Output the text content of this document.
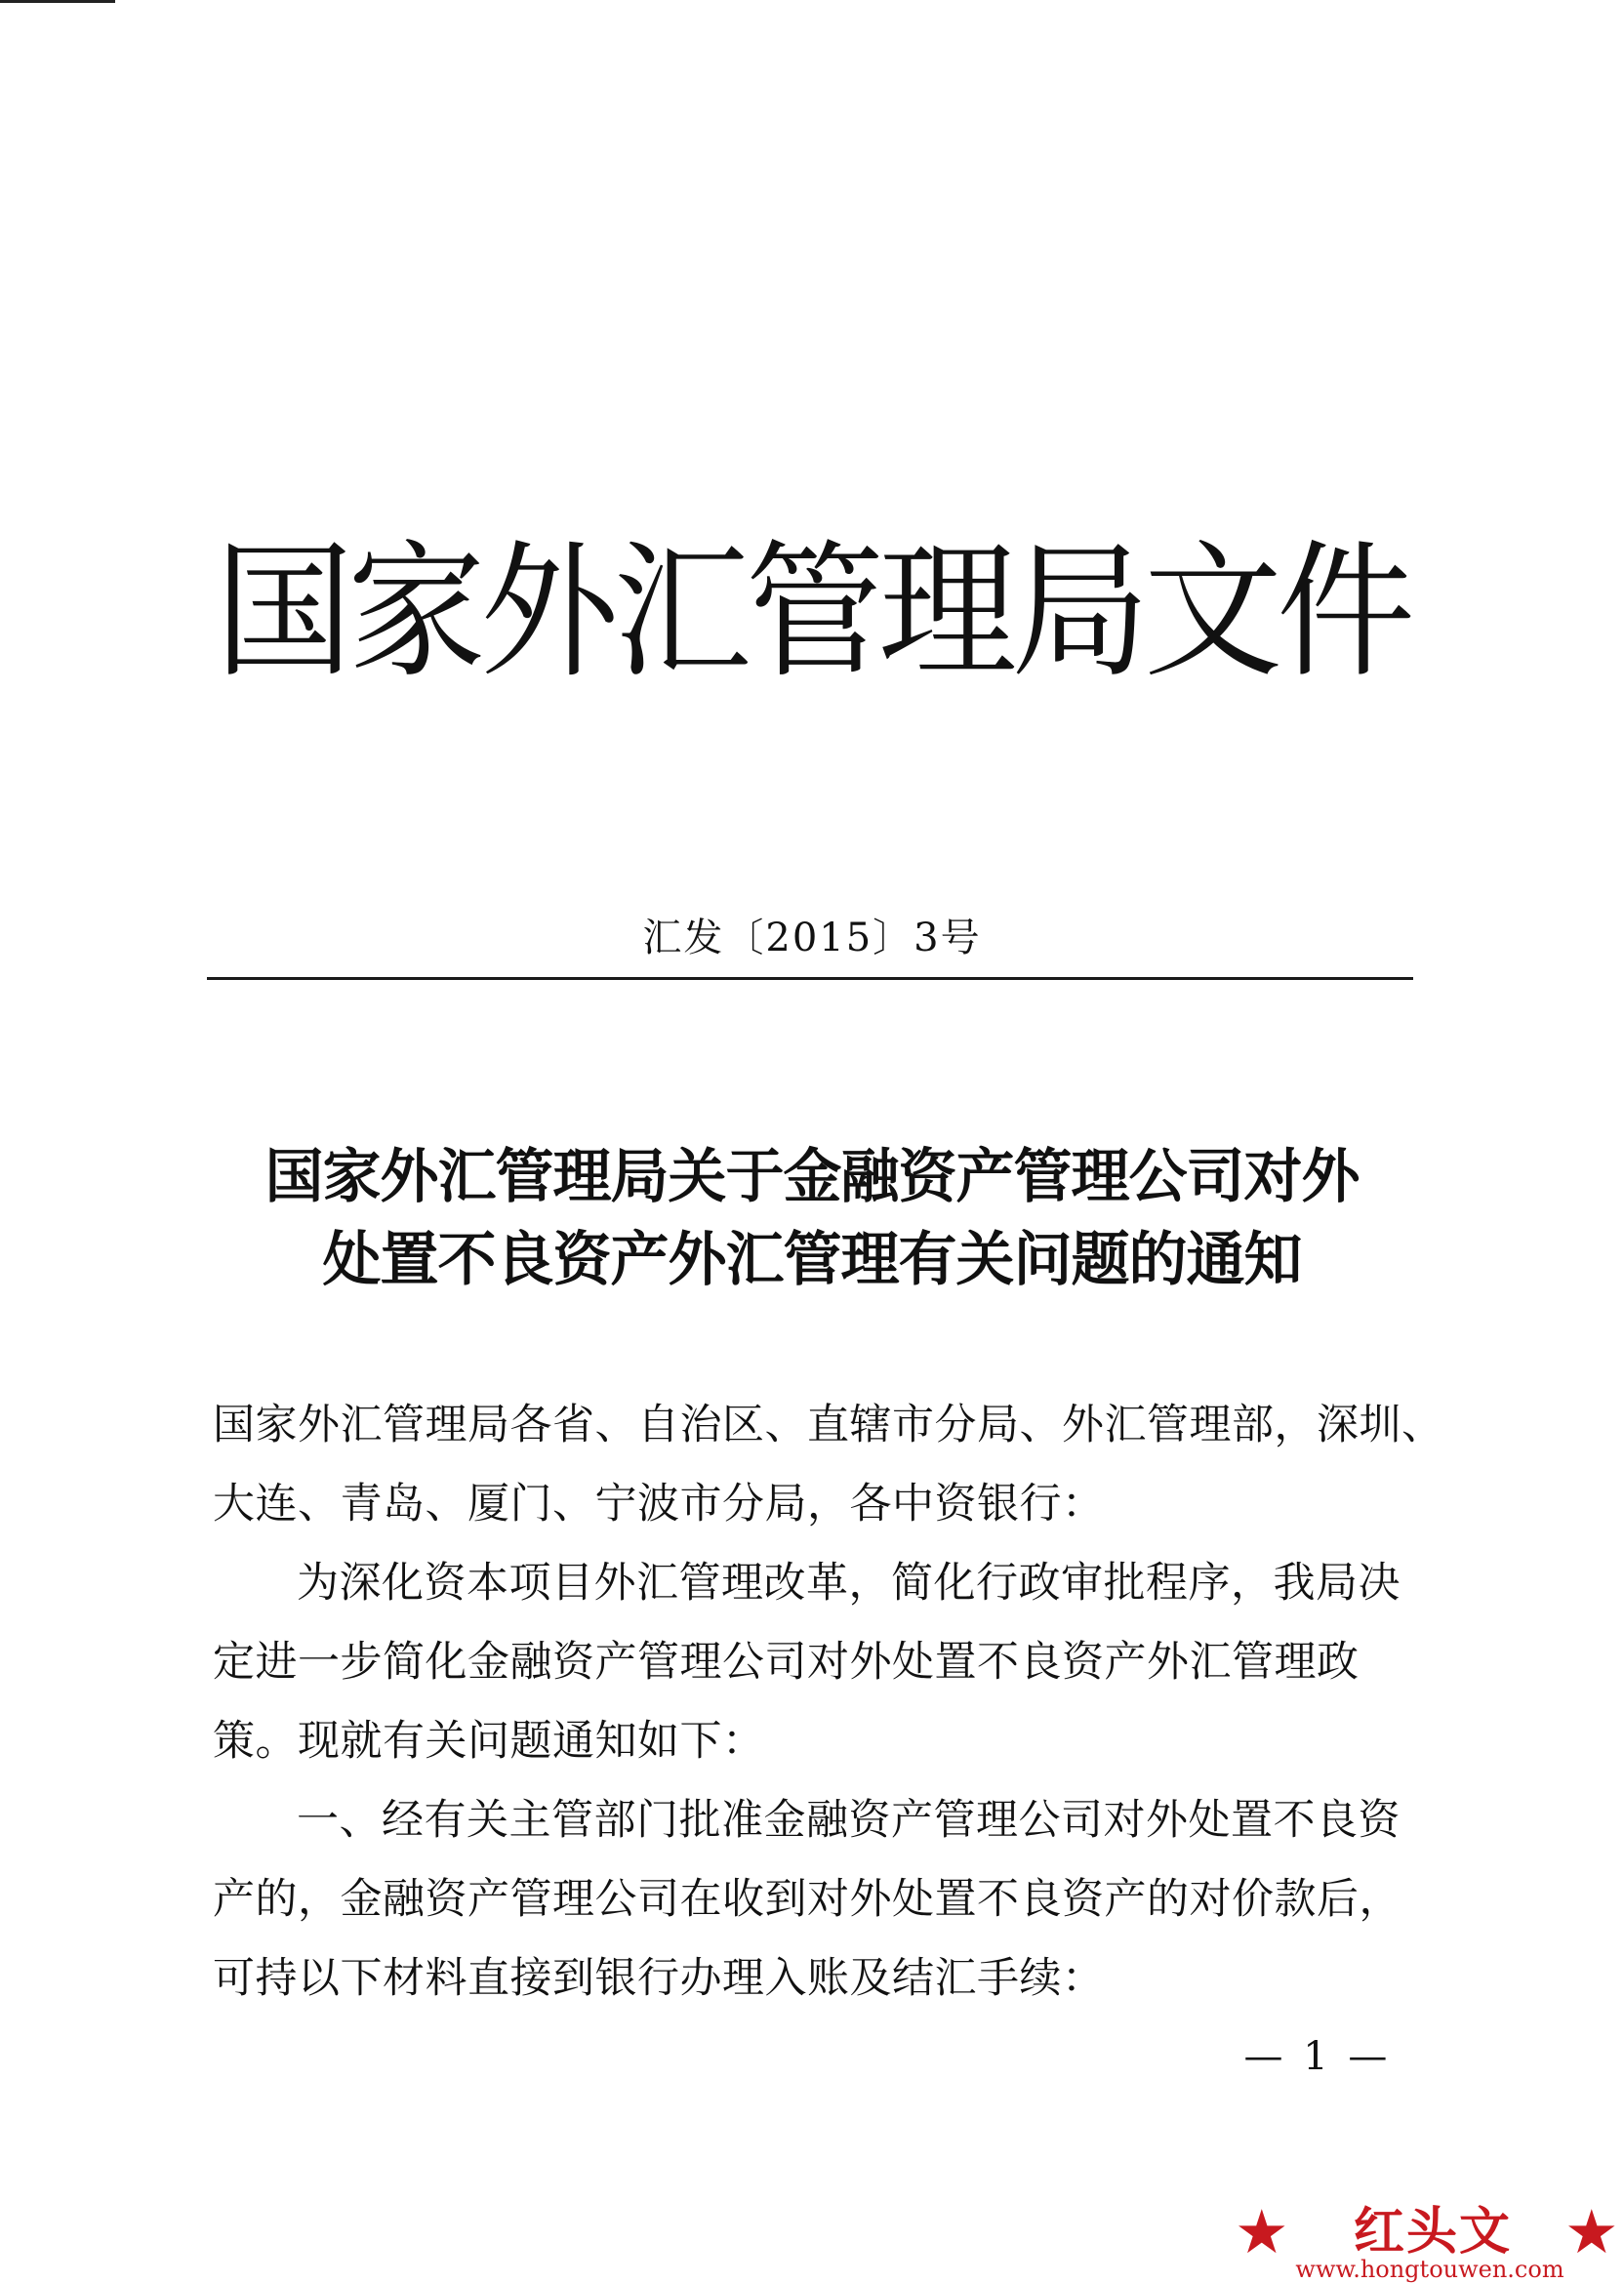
国家外汇管理局文件
汇发〔2015〕3号
国家外汇管理局关于金融资产管理公司对外
处置不良资产外汇管理有关问题的通知
国家外汇管理局各省、自治区、直辖市分局、外汇管理部，深圳、
大连、青岛、厦门、宁波市分局，各中资银行：
为深化资本项目外汇管理改革，简化行政审批程序，我局决
定进一步简化金融资产管理公司对外处置不良资产外汇管理政
策。现就有关问题通知如下：
一、经有关主管部门批准金融资产管理公司对外处置不良资
产的，金融资产管理公司在收到对外处置不良资产的对价款后，
可持以下材料直接到银行办理入账及结汇手续：
— 1 —
★	红头文 ★
www.hongtouwen.com
